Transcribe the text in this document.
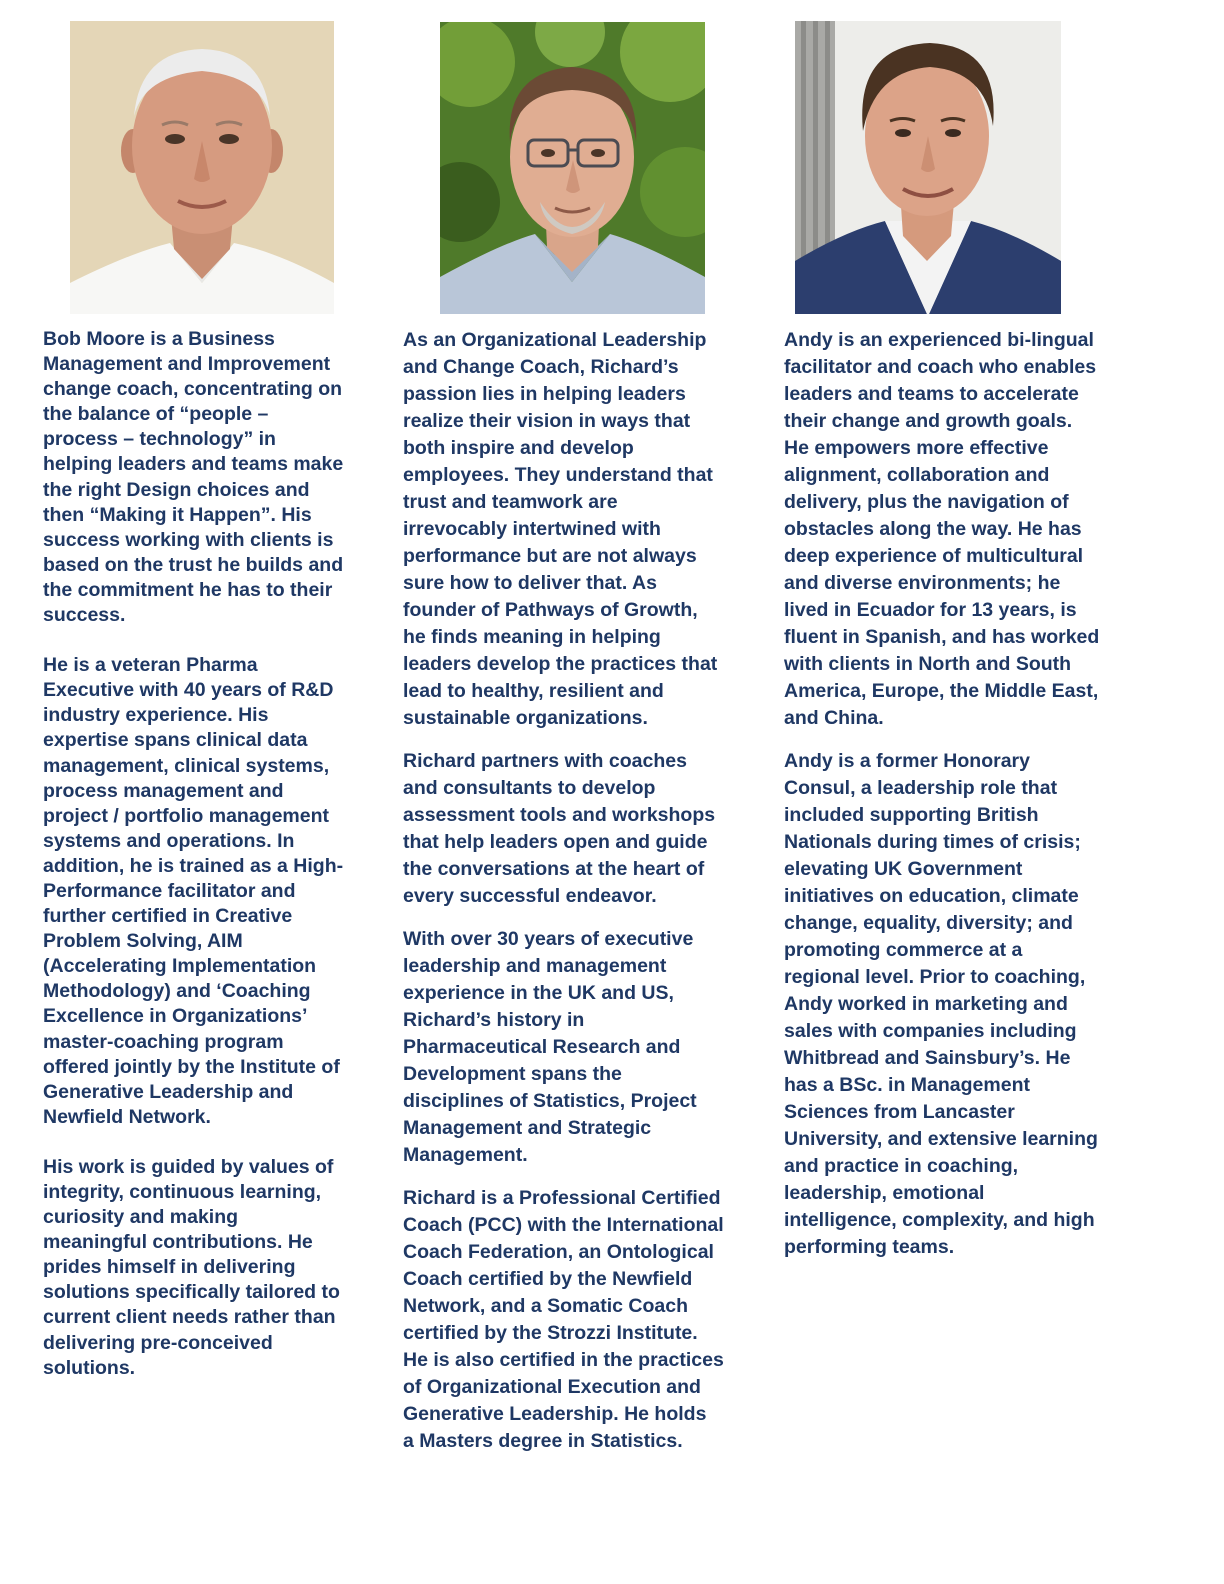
Bob Moore is a Business
Management and Improvement
change coach, concentrating on
the balance of “people –
process – technology” in
helping leaders and teams make
the right Design choices and
then “Making it Happen”. His
success working with clients is
based on the trust he builds and
the commitment he has to their
success.

He is a veteran Pharma
Executive with 40 years of R&D
industry experience. His
expertise spans clinical data
management, clinical systems,
process management and
project / portfolio management
systems and operations. In
addition, he is trained as a High-
Performance facilitator and
further certified in Creative
Problem Solving, AIM
(Accelerating Implementation
Methodology) and ‘Coaching
Excellence in Organizations’
master-coaching program
offered jointly by the Institute of
Generative Leadership and
Newfield Network.

His work is guided by values of
integrity, continuous learning,
curiosity and making
meaningful contributions. He
prides himself in delivering
solutions specifically tailored to
current client needs rather than
delivering pre-conceived
solutions.

As an Organizational Leadership
and Change Coach, Richard’s
passion lies in helping leaders
realize their vision in ways that
both inspire and develop
employees. They understand that
trust and teamwork are
irrevocably intertwined with
performance but are not always
sure how to deliver that. As
founder of Pathways of Growth,
he finds meaning in helping
leaders develop the practices that
lead to healthy, resilient and
sustainable organizations.

Richard partners with coaches
and consultants to develop
assessment tools and workshops
that help leaders open and guide
the conversations at the heart of
every successful endeavor.

With over 30 years of executive
leadership and management
experience in the UK and US,
Richard’s history in
Pharmaceutical Research and
Development spans the
disciplines of Statistics, Project
Management and Strategic
Management.

Richard is a Professional Certified
Coach (PCC) with the International
Coach Federation, an Ontological
Coach certified by the Newfield
Network, and a Somatic Coach
certified by the Strozzi Institute.
He is also certified in the practices
of Organizational Execution and
Generative Leadership. He holds
a Masters degree in Statistics.

Andy is an experienced bi-lingual
facilitator and coach who enables
leaders and teams to accelerate
their change and growth goals.
He empowers more effective
alignment, collaboration and
delivery, plus the navigation of
obstacles along the way. He has
deep experience of multicultural
and diverse environments; he
lived in Ecuador for 13 years, is
fluent in Spanish, and has worked
with clients in North and South
America, Europe, the Middle East,
and China.

Andy is a former Honorary
Consul, a leadership role that
included supporting British
Nationals during times of crisis;
elevating UK Government
initiatives on education, climate
change, equality, diversity; and
promoting commerce at a
regional level. Prior to coaching,
Andy worked in marketing and
sales with companies including
Whitbread and Sainsbury’s. He
has a BSc. in Management
Sciences from Lancaster
University, and extensive learning
and practice in coaching,
leadership, emotional
intelligence, complexity, and high
performing teams.
